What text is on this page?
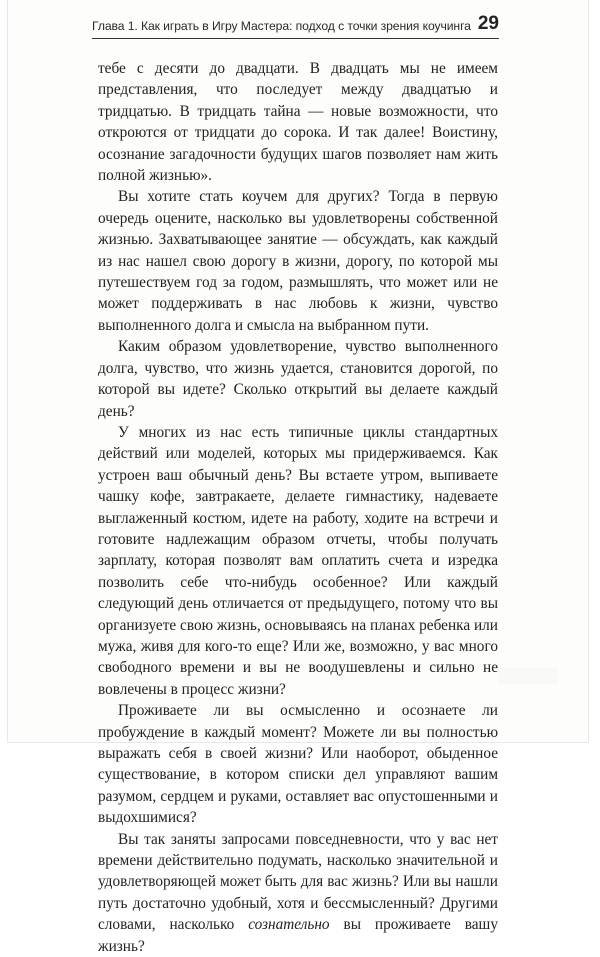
Глава 1. Как играть в Игру Мастера: подход с точки зрения коучинга 29

тебе с десяти до двадцати. В двадцать мы не имеем представления, что последует между двадцатью и тридцатью. В тридцать тайна — новые возможности, что откроются от тридцати до сорока. И так далее! Воистину, осознание загадочности будущих шагов позволяет нам жить полной жизнью».

Вы хотите стать коучем для других? Тогда в первую очередь оцените, насколько вы удовлетворены собственной жизнью. Захватывающее занятие — обсуждать, как каждый из нас нашел свою дорогу в жизни, дорогу, по которой мы путешествуем год за годом, размышлять, что может или не может поддерживать в нас любовь к жизни, чувство выполненного долга и смысла на выбранном пути.

Каким образом удовлетворение, чувство выполненного долга, чувство, что жизнь удается, становится дорогой, по которой вы идете? Сколько открытий вы делаете каждый день?

У многих из нас есть типичные циклы стандартных действий или моделей, которых мы придерживаемся. Как устроен ваш обычный день? Вы встаете утром, выпиваете чашку кофе, завтракаете, делаете гимнастику, надеваете выглаженный костюм, идете на работу, ходите на встречи и готовите надлежащим образом отчеты, чтобы получать зарплату, которая позволят вам оплатить счета и изредка позволить себе что-нибудь особенное? Или каждый следующий день отличается от предыдущего, потому что вы организуете свою жизнь, основываясь на планах ребенка или мужа, живя для кого-то еще? Или же, возможно, у вас много свободного времени и вы не воодушевлены и сильно не вовлечены в процесс жизни?

Проживаете ли вы осмысленно и осознаете ли пробуждение в каждый момент? Можете ли вы полностью выражать себя в своей жизни? Или наоборот, обыденное существование, в котором списки дел управляют вашим разумом, сердцем и руками, оставляет вас опустошенными и выдохшимися?

Вы так заняты запросами повседневности, что у вас нет времени действительно подумать, насколько значительной и удовлетворяющей может быть для вас жизнь? Или вы нашли путь достаточно удобный, хотя и бессмысленный? Другими словами, насколько сознательно вы проживаете вашу жизнь?
